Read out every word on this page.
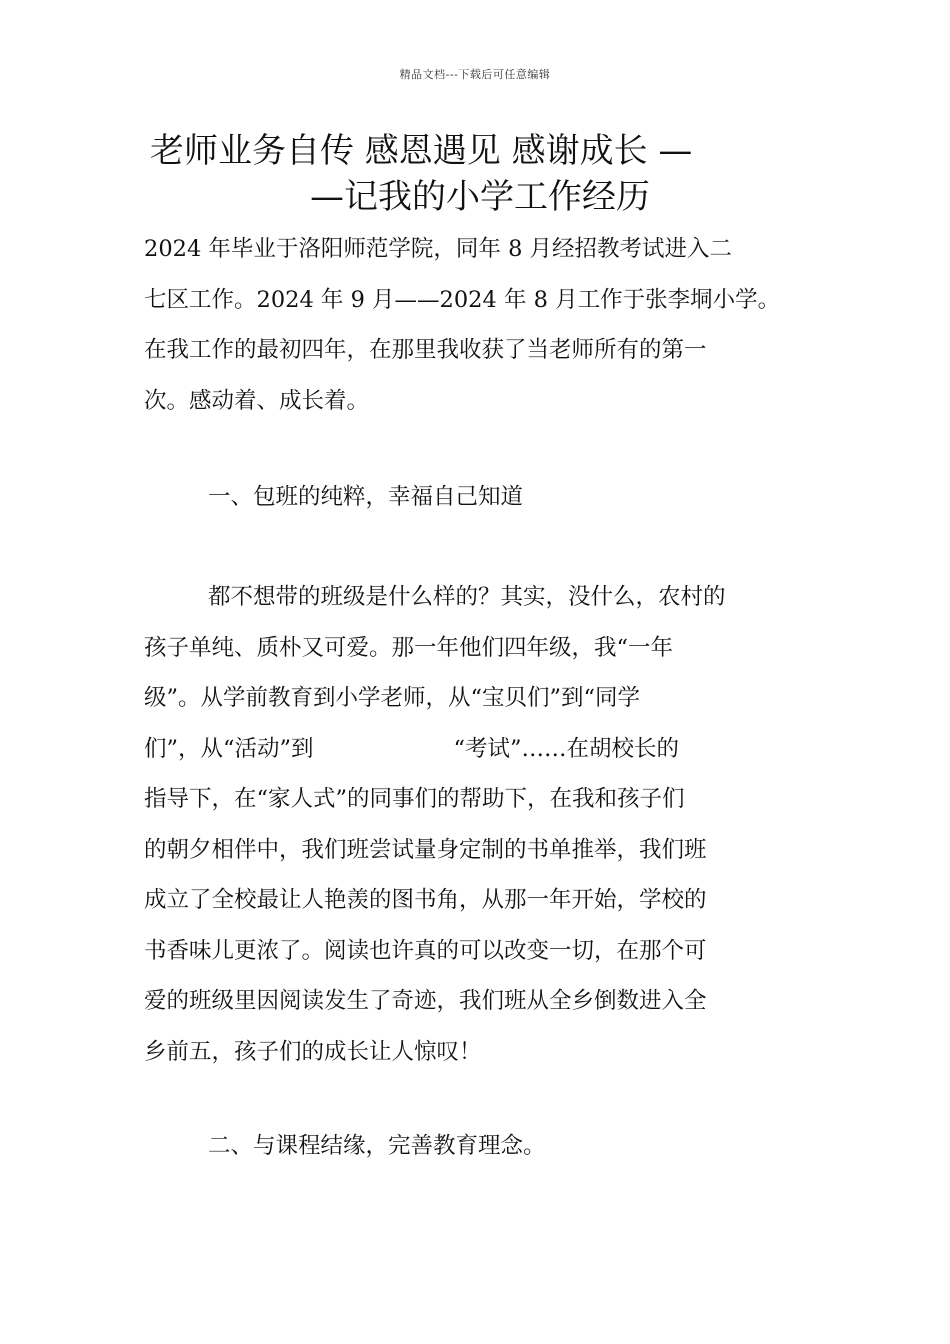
精品文档---下载后可任意编辑
老师业务自传 感恩遇见 感谢成长 —
—记我的小学工作经历
2024 年毕业于洛阳师范学院，同年 8 月经招教考试进入二
七区工作。2024 年 9 月——2024 年 8 月工作于张李垌小学。
在我工作的最初四年，在那里我收获了当老师所有的第一
次。感动着、成长着。
一、包班的纯粹，幸福自己知道
都不想带的班级是什么样的？其实，没什么，农村的
孩子单纯、质朴又可爱。那一年他们四年级，我“一年
级”。从学前教育到小学老师，从“宝贝们”到“同学
们”，从“活动”到	“考试”……在胡校长的
指导下，在“家人式”的同事们的帮助下，在我和孩子们
的朝夕相伴中，我们班尝试量身定制的书单推举，我们班
成立了全校最让人艳羡的图书角，从那一年开始，学校的
书香味儿更浓了。阅读也许真的可以改变一切，在那个可
爱的班级里因阅读发生了奇迹，我们班从全乡倒数进入全
乡前五，孩子们的成长让人惊叹！
二、与课程结缘，完善教育理念。
